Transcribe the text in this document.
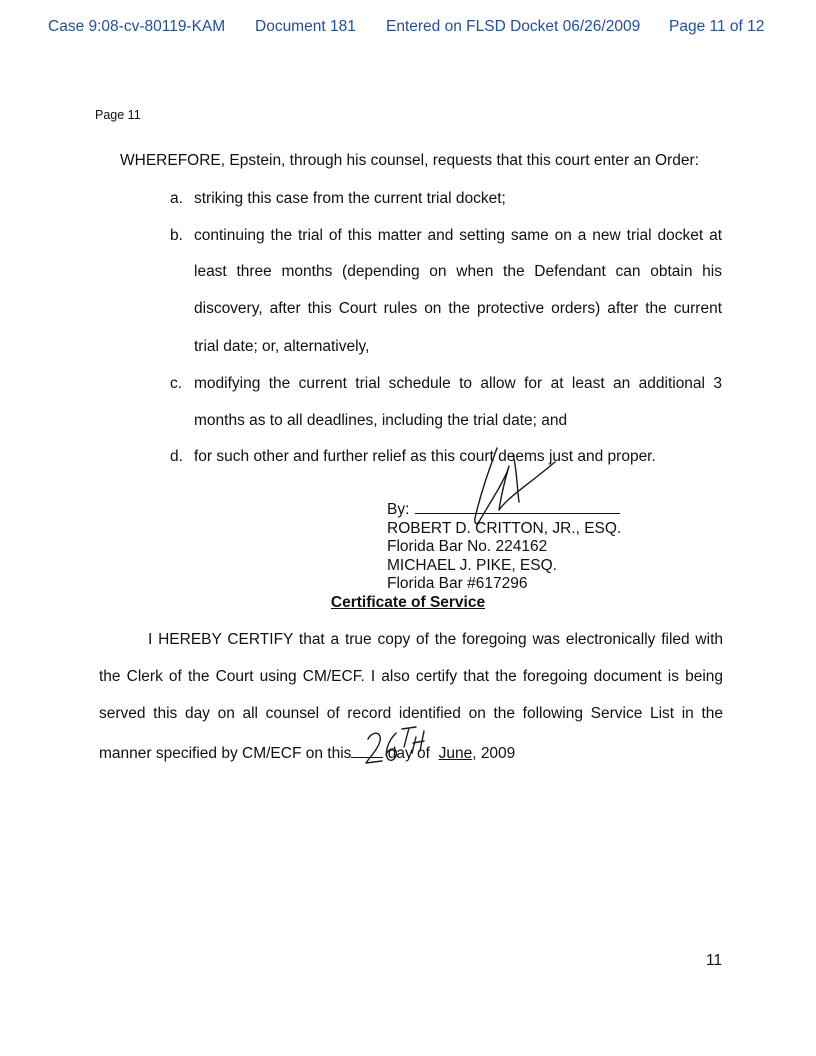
Case 9:08-cv-80119-KAM Document 181 Entered on FLSD Docket 06/26/2009 Page 11 of 12
Page 11
WHEREFORE, Epstein, through his counsel, requests that this court enter an Order:
a. striking this case from the current trial docket;
b. continuing the trial of this matter and setting same on a new trial docket at
least three months (depending on when the Defendant can obtain his
discovery, after this Court rules on the protective orders) after the current
trial date; or, alternatively,
c. modifying the current trial schedule to allow for at least an additional 3
months as to all deadlines, including the trial date; and
d. for such other and further relief as this court deems just and proper.
By:
ROBERT D. CRITTON, JR., ESQ.
Florida Bar No. 224162
MICHAEL J. PIKE, ESQ.
Florida Bar #617296
Certificate of Service
I HEREBY CERTIFY that a true copy of the foregoing was electronically filed with
the Clerk of the Court using CM/ECF. I also certify that the foregoing document is being
served this day on all counsel of record identified on the following Service List in the
manner specified by CM/ECF on this day of June, 2009
11
